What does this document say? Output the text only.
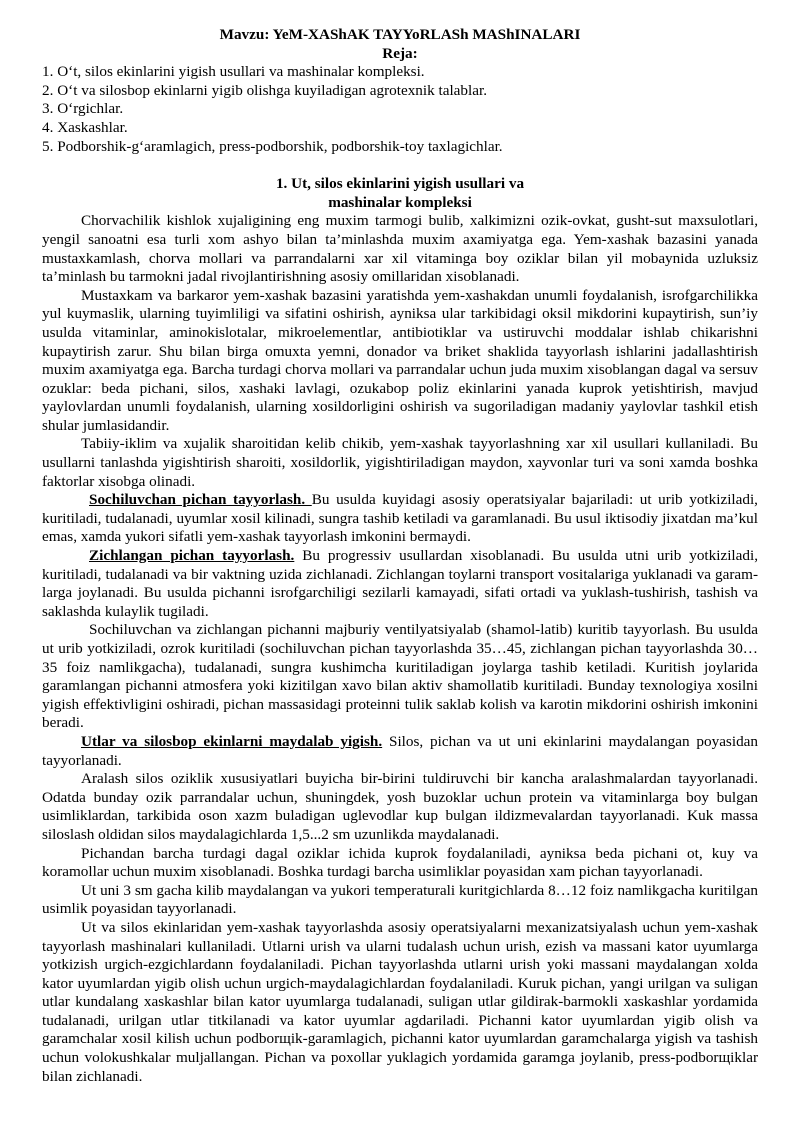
Mavzu: YeM-XAShAK TAYYoRLASh MAShINALARI
Reja:

1. O‘t, silos ekinlarini yigish usullari va mashinalar kompleksi.

2. O‘t va silosbop ekinlarni yigib olishga kuyiladigan agrotexnik talablar.

3. O‘rgichlar.

4. Xaskashlar.

5. Podborshik-g‘aramlagich, press-podborshik, podborshik-toy taxlagichlar.

1. Ut, silos ekinlarini yigish usullari va
mashinalar kompleksi

Chorvachilik kishlok xujaligining eng muxim tarmogi bulib, xalkimizni ozik-ovkat, gusht-sut maxsulotlari, yengil sanoatni esa turli xom ashyo bilan ta’minlashda muxim axamiyatga ega. Yem-xashak bazasini yanada mustaxkamlash, chorva mollari va parrandalarni xar xil vitaminga boy oziklar bilan yil mobaynida uzluksiz ta’minlash bu tarmokni jadal rivojlantirishning asosiy omillaridan xisoblanadi.

Mustaxkam va barkaror yem-xashak bazasini yaratishda yem-xashakdan unumli foydalanish, isrofgarchilikka yul kuymaslik, ularning tuyimliligi va sifatini oshirish, ayniksa ular tarkibidagi oksil mikdorini kupaytirish, sun’iy usulda vitaminlar, aminokislotalar, mikroelementlar, antibiotiklar va ustiruvchi moddalar ishlab chikarishni kupaytirish zarur. Shu bilan birga omuxta yemni, donador va briket shaklida tayyorlash ishlarini jadallashtirish muxim axamiyatga ega. Barcha turdagi chorva mollari va parrandalar uchun juda muxim xisoblangan dagal va sersuv ozuklar: beda pichani, silos, xashaki lavlagi, ozukabop poliz ekinlarini yanada kuprok yetishtirish, mavjud yaylovlardan unumli foydalanish, ularning xosildorligini oshirish va sugoriladigan madaniy yaylovlar tashkil etish shular jumlasidandir.

Tabiiy-iklim va xujalik sharoitidan kelib chikib, yem-xashak tayyorlashning xar xil usullari kullaniladi. Bu usullarni tanlashda yigishtirish sharoiti, xosildorlik, yigishtiriladigan maydon, xayvonlar turi va soni xamda boshka faktorlar xisobga olinadi.

Sochiluvchan pichan tayyorlash. Bu usulda kuyidagi asosiy operatsiyalar bajariladi: ut urib yotkiziladi, kuritiladi, tudalanadi, uyumlar xosil kilinadi, sungra tashib ketiladi va garamlanadi. Bu usul iktisodiy jixatdan ma’kul emas, xamda yukori sifatli yem-xashak tayyorlash imkonini bermaydi.

Zichlangan pichan tayyorlash. Bu progressiv usullardan xisoblanadi. Bu usulda utni urib yotkiziladi, kuritiladi, tudalanadi va bir vaktning uzida zichlanadi. Zichlangan toylarni transport vositalariga yuklanadi va garam-larga joylanadi. Bu usulda pichanni isrofgarchiligi sezilarli kamayadi, sifati ortadi va yuklash-tushirish, tashish va saklashda kulaylik tugiladi.

Sochiluvchan va zichlangan pichanni majburiy ventilyatsiyalab (shamol-latib) kuritib tayyorlash. Bu usulda ut urib yotkiziladi, ozrok kuritiladi (sochiluvchan pichan tayyorlashda 35…45, zichlangan pichan tayyorlashda 30…35 foiz namlikgacha), tudalanadi, sungra kushimcha kuritiladigan joylarga tashib ketiladi. Kuritish joylarida garamlangan pichanni atmosfera yoki kizitilgan xavo bilan aktiv shamollatib kuritiladi. Bunday texnologiya xosilni yigish effektivligini oshiradi, pichan massasidagi proteinni tulik saklab kolish va karotin mikdorini oshirish imkonini beradi.

Utlar va silosbop ekinlarni maydalab yigish. Silos, pichan va ut uni ekinlarini maydalangan poyasidan tayyorlanadi.

Aralash silos oziklik xususiyatlari buyicha bir-birini tuldiruvchi bir kancha aralashmalardan tayyorlanadi. Odatda bunday ozik parrandalar uchun, shuningdek, yosh buzoklar uchun protein va vitaminlarga boy bulgan usimliklardan, tarkibida oson xazm buladigan uglevodlar kup bulgan ildizmevalardan tayyorlanadi. Kuk massa siloslash oldidan silos maydalagichlarda 1,5...2 sm uzunlikda maydalanadi.

Pichandan barcha turdagi dagal oziklar ichida kuprok foydalaniladi, ayniksa beda pichani ot, kuy va koramollar uchun muxim xisoblanadi. Boshka turdagi barcha usimliklar poyasidan xam pichan tayyorlanadi.

Ut uni 3 sm gacha kilib maydalangan va yukori temperaturali kuritgichlarda 8…12 foiz namlikgacha kuritilgan usimlik poyasidan tayyorlanadi.

Ut va silos ekinlaridan yem-xashak tayyorlashda asosiy operatsiyalarni mexanizatsiyalash uchun yem-xashak tayyorlash mashinalari kullaniladi. Utlarni urish va ularni tudalash uchun urish, ezish va massani kator uyumlarga yotkizish urgich-ezgichlardann foydalaniladi. Pichan tayyorlashda utlarni urish yoki massani maydalangan xolda kator uyumlardan yigib olish uchun urgich-maydalagichlardan foydalaniladi. Kuruk pichan, yangi urilgan va suligan utlar kundalang xaskashlar bilan kator uyumlarga tudalanadi, suligan utlar gildirak-barmokli xaskashlar yordamida tudalanadi, urilgan utlar titkilanadi va kator uyumlar agdariladi. Pichanni kator uyumlardan yigib olish va garamchalar xosil kilish uchun podborщik-garamlagich, pichanni kator uyumlardan garamchalarga yigish va tashish uchun volokushkalar muljallangan. Pichan va poxollar yuklagich yordamida garamga joylanib, press-podborщiklar bilan zichlanadi.
